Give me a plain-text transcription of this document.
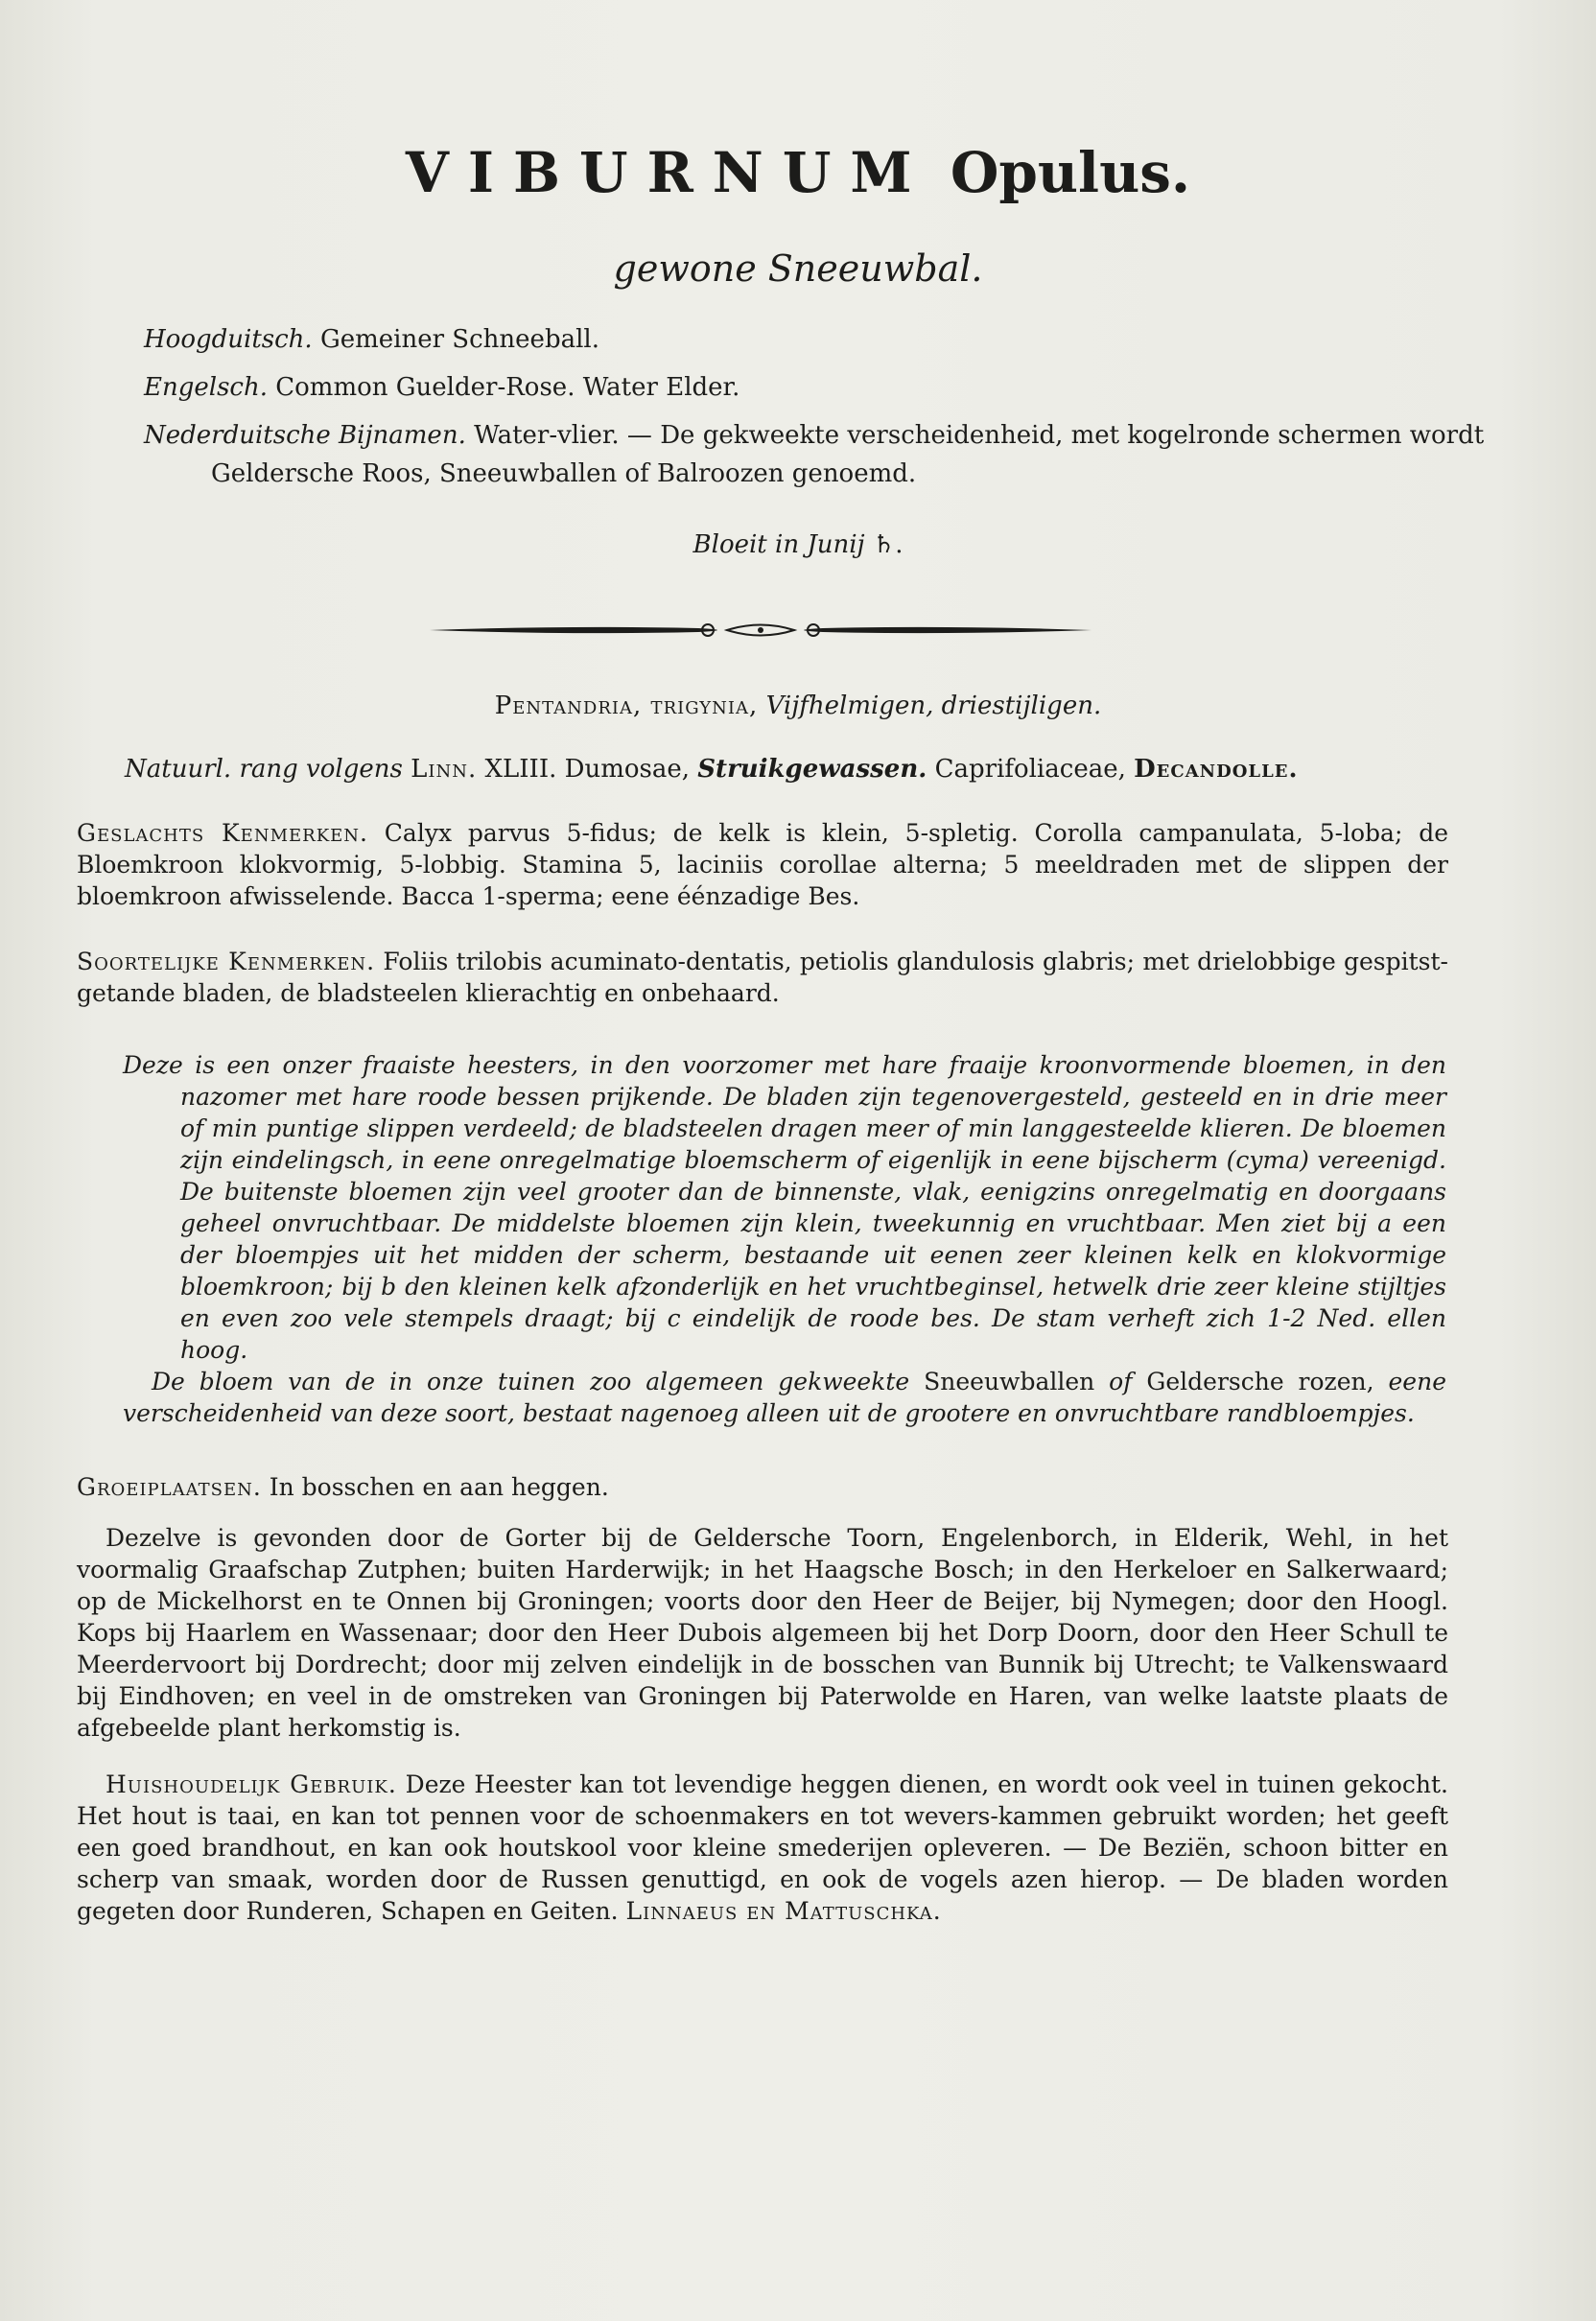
VIBURNUM Opulus.
gewone Sneeuwbal.
Hoogduitsch. Gemeiner Schneeball.
Engelsch. Common Guelder-Rose. Water Elder.
Nederduitsche Bijnamen. Water-vlier. — De gekweekte verscheidenheid, met kogelronde schermen wordt Geldersche Roos, Sneeuwballen of Balroozen genoemd.
Bloeit in Junij ♄.
Pentandria, trigynia, Vijfhelmigen, driestijligen.
Natuurl. rang volgens Linn. XLIII. Dumosae, Struikgewassen. Caprifoliaceae, Decandolle.

Geslachts Kenmerken. Calyx parvus 5-fidus; de kelk is klein, 5-spletig. Corolla campanulata, 5-loba; de Bloemkroon klokvormig, 5-lobbig. Stamina 5, laciniis corollae alterna; 5 meeldraden met de slippen der bloemkroon afwisselende. Bacca 1-sperma; eene éénzadige Bes.

Soortelijke Kenmerken. Foliis trilobis acuminato-dentatis, petiolis glandulosis glabris; met drielobbige gespitst-getande bladen, de bladsteelen klierachtig en onbehaard.

Deze is een onzer fraaiste heesters, in den voorzomer met hare fraaije kroonvormende bloemen, in den nazomer met hare roode bessen prijkende. De bladen zijn tegenovergesteld, gesteeld en in drie meer of min puntige slippen verdeeld; de bladsteelen dragen meer of min langgesteelde klieren. De bloemen zijn eindelingsch, in eene onregelmatige bloemscherm of eigenlijk in eene bijscherm (cyma) vereenigd. De buitenste bloemen zijn veel grooter dan de binnenste, vlak, eenigzins onregelmatig en doorgaans geheel onvruchtbaar. De middelste bloemen zijn klein, tweekunnig en vruchtbaar. Men ziet bij a een der bloempjes uit het midden der scherm, bestaande uit eenen zeer kleinen kelk en klokvormige bloemkroon; bij b den kleinen kelk afzonderlijk en het vruchtbeginsel, hetwelk drie zeer kleine stijltjes en even zoo vele stempels draagt; bij c eindelijk de roode bes. De stam verheft zich 1-2 Ned. ellen hoog.

De bloem van de in onze tuinen zoo algemeen gekweekte Sneeuwballen of Geldersche rozen, eene verscheidenheid van deze soort, bestaat nagenoeg alleen uit de grootere en onvruchtbare randbloempjes.

Groeiplaatsen. In bosschen en aan heggen.

Dezelve is gevonden door de Gorter bij de Geldersche Toorn, Engelenborch, in Elderik, Wehl, in het voormalig Graafschap Zutphen; buiten Harderwijk; in het Haagsche Bosch; in den Herkeloer en Salkerwaard; op de Mickelhorst en te Onnen bij Groningen; voorts door den Heer de Beijer, bij Nymegen; door den Hoogl. Kops bij Haarlem en Wassenaar; door den Heer Dubois algemeen bij het Dorp Doorn, door den Heer Schull te Meerdervoort bij Dordrecht; door mij zelven eindelijk in de bosschen van Bunnik bij Utrecht; te Valkenswaard bij Eindhoven; en veel in de omstreken van Groningen bij Paterwolde en Haren, van welke laatste plaats de afgebeelde plant herkomstig is.

Huishoudelijk Gebruik. Deze Heester kan tot levendige heggen dienen, en wordt ook veel in tuinen gekocht. Het hout is taai, en kan tot pennen voor de schoenmakers en tot wevers-kammen gebruikt worden; het geeft een goed brandhout, en kan ook houtskool voor kleine smederijen opleveren. — De Beziën, schoon bitter en scherp van smaak, worden door de Russen genuttigd, en ook de vogels azen hierop. — De bladen worden gegeten door Runderen, Schapen en Geiten. Linnaeus en Mattuschka.
